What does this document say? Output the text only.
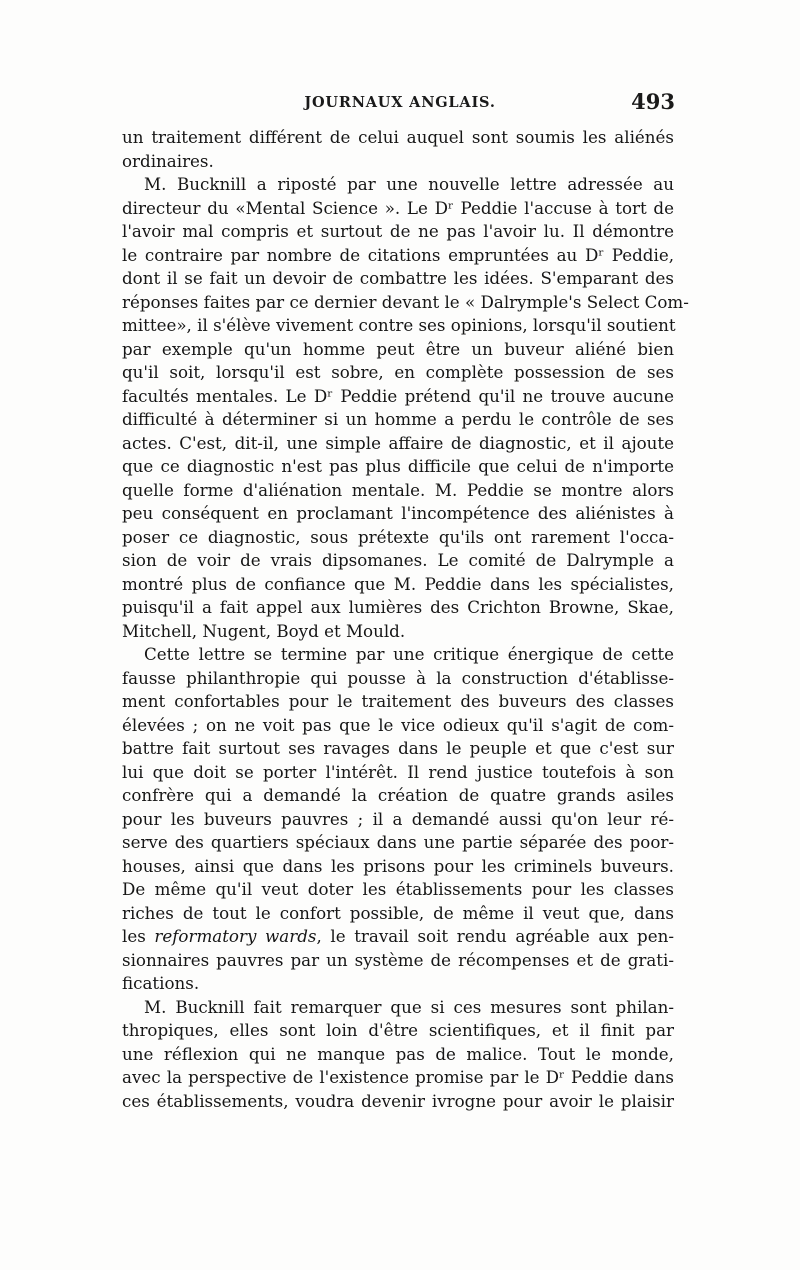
JOURNAUX ANGLAIS.	493

un traitement différent de celui auquel sont soumis les aliénés
ordinaires.

M. Bucknill a riposté par une nouvelle lettre adressée au
directeur du «Mental Science ». Le Dʳ Peddie l'accuse à tort de
l'avoir mal compris et surtout de ne pas l'avoir lu. Il démontre
le contraire par nombre de citations empruntées au Dʳ Peddie,
dont il se fait un devoir de combattre les idées. S'emparant des
réponses faites par ce dernier devant le « Dalrymple's Select Com-
mittee», il s'élève vivement contre ses opinions, lorsqu'il soutient
par exemple qu'un homme peut être un buveur aliéné bien
qu'il soit, lorsqu'il est sobre, en complète possession de ses
facultés mentales. Le Dʳ Peddie prétend qu'il ne trouve aucune
difficulté à déterminer si un homme a perdu le contrôle de ses
actes. C'est, dit-il, une simple affaire de diagnostic, et il ajoute
que ce diagnostic n'est pas plus difficile que celui de n'importe
quelle forme d'aliénation mentale. M. Peddie se montre alors
peu conséquent en proclamant l'incompétence des aliénistes à
poser ce diagnostic, sous prétexte qu'ils ont rarement l'occa-
sion de voir de vrais dipsomanes. Le comité de Dalrymple a
montré plus de confiance que M. Peddie dans les spécialistes,
puisqu'il a fait appel aux lumières des Crichton Browne, Skae,
Mitchell, Nugent, Boyd et Mould.

Cette lettre se termine par une critique énergique de cette
fausse philanthropie qui pousse à la construction d'établisse-
ment confortables pour le traitement des buveurs des classes
élevées ; on ne voit pas que le vice odieux qu'il s'agit de com-
battre fait surtout ses ravages dans le peuple et que c'est sur
lui que doit se porter l'intérêt. Il rend justice toutefois à son
confrère qui a demandé la création de quatre grands asiles
pour les buveurs pauvres ; il a demandé aussi qu'on leur ré-
serve des quartiers spéciaux dans une partie séparée des poor-
houses, ainsi que dans les prisons pour les criminels buveurs.
De même qu'il veut doter les établissements pour les classes
riches de tout le confort possible, de même il veut que, dans
les reformatory wards, le travail soit rendu agréable aux pen-
sionnaires pauvres par un système de récompenses et de grati-
fications.

M. Bucknill fait remarquer que si ces mesures sont philan-
thropiques, elles sont loin d'être scientifiques, et il finit par
une réflexion qui ne manque pas de malice. Tout le monde,
avec la perspective de l'existence promise par le Dʳ Peddie dans
ces établissements, voudra devenir ivrogne pour avoir le plaisir
